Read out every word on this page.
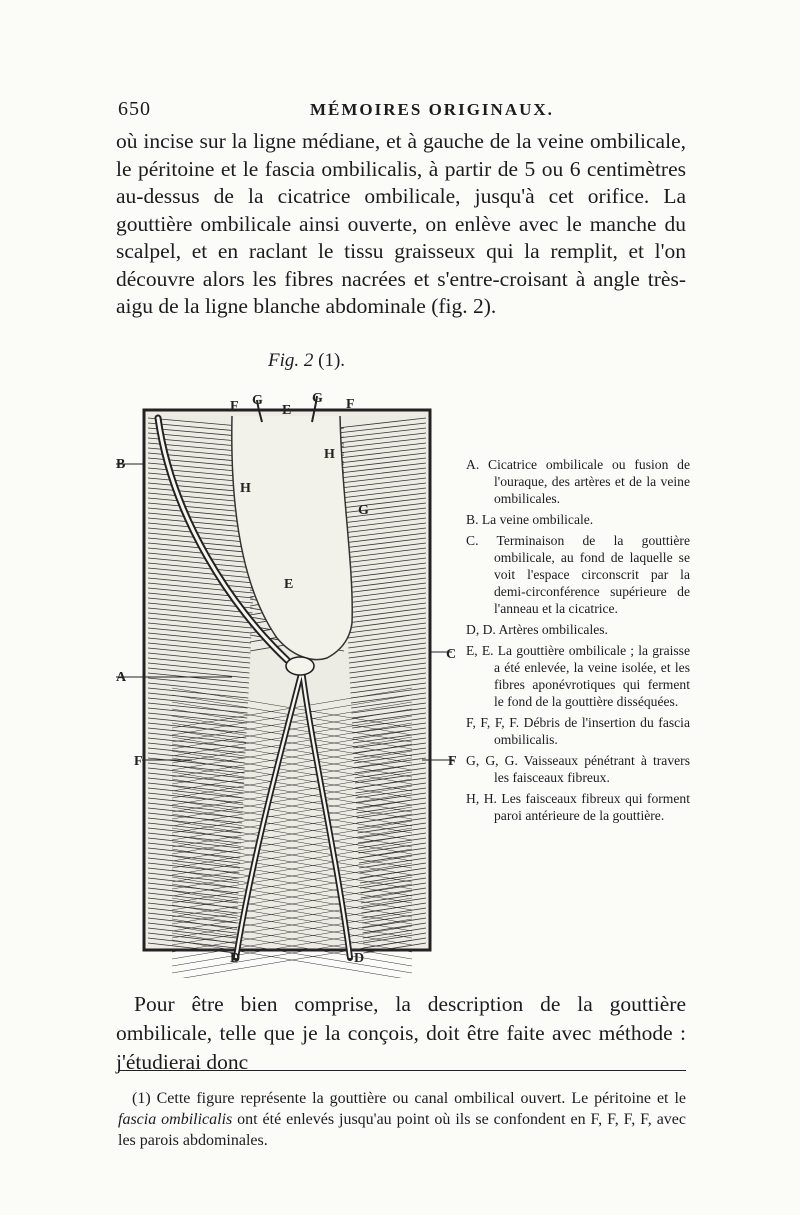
650	MÉMOIRES ORIGINAUX.

où incise sur la ligne médiane, et à gauche de la veine ombilicale, le péritoine et le fascia ombilicalis, à partir de 5 ou 6 centimètres au-dessus de la cicatrice ombilicale, jusqu'à cet orifice. La gouttière ombilicale ainsi ouverte, on enlève avec le manche du scalpel, et en raclant le tissu graisseux qui la remplit, et l'on découvre alors les fibres nacrées et s'entre-croisant à angle très-aigu de la ligne blanche abdominale (fig. 2).

Fig. 2 (1).
F G
E
G F
B
A
C
F	F
H
H
G
E
D	D

A. Cicatrice ombilicale ou fusion de l'ouraque, des artères et de la veine ombilicales.

B. La veine ombilicale.

C. Terminaison de la gouttière ombilicale, au fond de laquelle se voit l'espace circonscrit par la demi-circonférence supérieure de l'anneau et la cicatrice.

D, D. Artères ombilicales.

E, E. La gouttière ombilicale ; la graisse a été enlevée, la veine isolée, et les fibres aponévrotiques qui ferment le fond de la gouttière disséquées.

F, F, F, F. Débris de l'insertion du fascia ombilicalis.

G, G, G. Vaisseaux pénétrant à travers les faisceaux fibreux.

H, H. Les faisceaux fibreux qui forment paroi antérieure de la gouttière.

Pour être bien comprise, la description de la gouttière ombilicale, telle que je la conçois, doit être faite avec méthode : j'étudierai donc

(1) Cette figure représente la gouttière ou canal ombilical ouvert. Le péritoine et le fascia ombilicalis ont été enlevés jusqu'au point où ils se confondent en F, F, F, F, avec les parois abdominales.
